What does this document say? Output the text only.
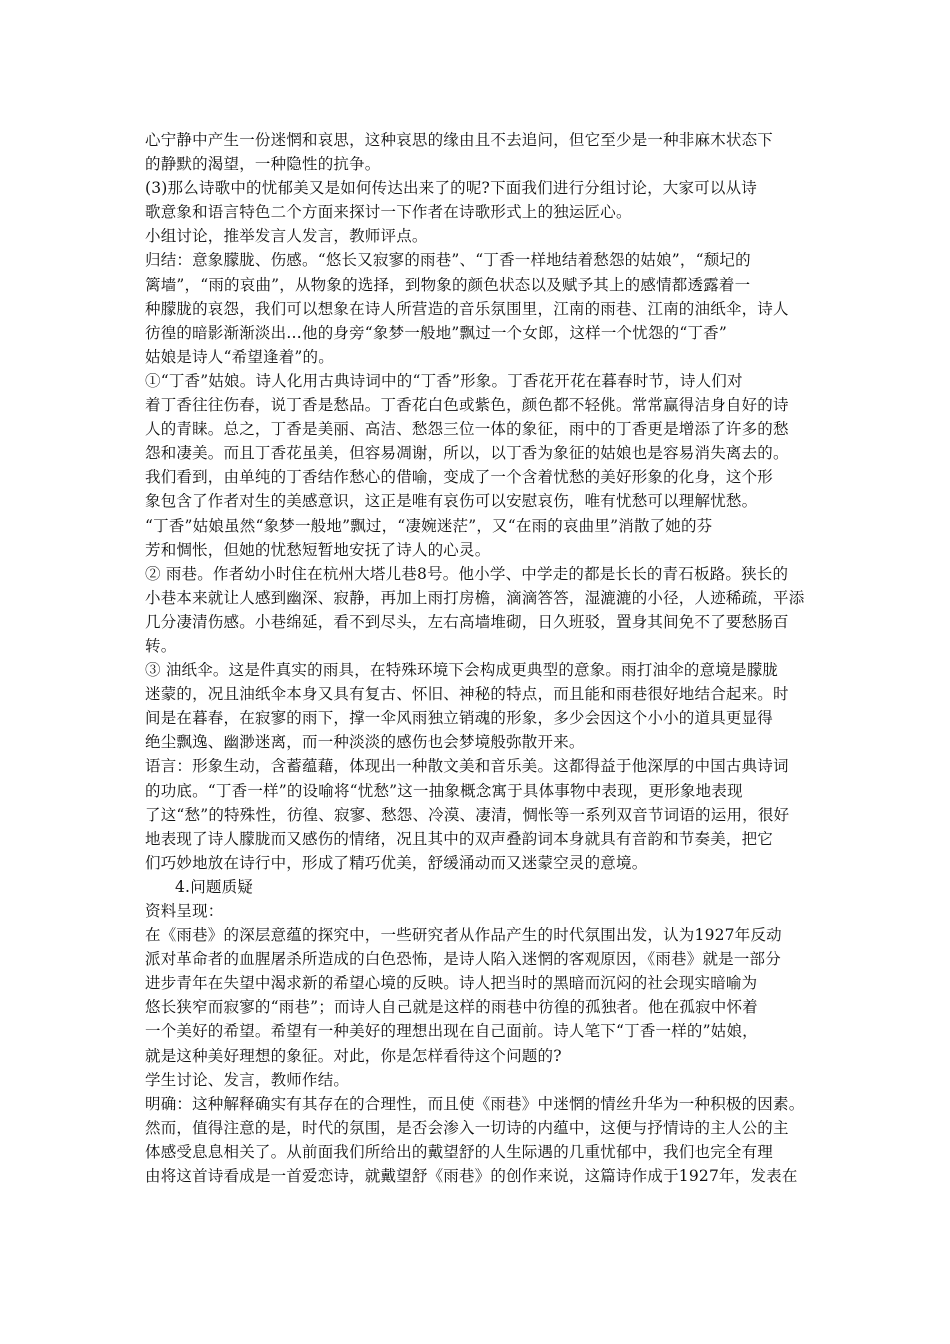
心宁静中产生一份迷惘和哀思，这种哀思的缘由且不去追问，但它至少是一种非麻木状态下
的静默的渴望，一种隐性的抗争。
(3)那么诗歌中的忧郁美又是如何传达出来了的呢?下面我们进行分组讨论，大家可以从诗
歌意象和语言特色二个方面来探讨一下作者在诗歌形式上的独运匠心。
小组讨论，推举发言人发言，教师评点。
归结：意象朦胧、伤感。“悠长又寂寥的雨巷”、“丁香一样地结着愁怨的姑娘”，“颓圮的
篱墙”，“雨的哀曲”，从物象的选择，到物象的颜色状态以及赋予其上的感情都透露着一
种朦胧的哀怨，我们可以想象在诗人所营造的音乐氛围里，江南的雨巷、江南的油纸伞，诗人
彷徨的暗影渐渐淡出…他的身旁“象梦一般地”飘过一个女郎，这样一个忧怨的“丁香”
姑娘是诗人“希望逢着”的。
①“丁香”姑娘。诗人化用古典诗词中的“丁香”形象。丁香花开花在暮春时节，诗人们对
着丁香往往伤春，说丁香是愁品。丁香花白色或紫色，颜色都不轻佻。常常赢得洁身自好的诗
人的青睐。总之，丁香是美丽、高洁、愁怨三位一体的象征，雨中的丁香更是增添了许多的愁
怨和凄美。而且丁香花虽美，但容易凋谢，所以，以丁香为象征的姑娘也是容易消失离去的。
我们看到，由单纯的丁香结作愁心的借喻，变成了一个含着忧愁的美好形象的化身，这个形
象包含了作者对生的美感意识，这正是唯有哀伤可以安慰哀伤，唯有忧愁可以理解忧愁。
“丁香”姑娘虽然“象梦一般地”飘过，“凄婉迷茫”，又“在雨的哀曲里”消散了她的芬
芳和惆怅，但她的忧愁短暂地安抚了诗人的心灵。
② 雨巷。作者幼小时住在杭州大塔儿巷8号。他小学、中学走的都是长长的青石板路。狭长的
小巷本来就让人感到幽深、寂静，再加上雨打房檐，滴滴答答，湿漉漉的小径，人迹稀疏，平添
几分凄清伤感。小巷绵延，看不到尽头，左右高墙堆砌，日久班驳，置身其间免不了要愁肠百
转。
③ 油纸伞。这是件真实的雨具，在特殊环境下会构成更典型的意象。雨打油伞的意境是朦胧
迷蒙的，况且油纸伞本身又具有复古、怀旧、神秘的特点，而且能和雨巷很好地结合起来。时
间是在暮春，在寂寥的雨下，撑一伞风雨独立销魂的形象，多少会因这个小小的道具更显得
绝尘飘逸、幽渺迷离，而一种淡淡的感伤也会梦境般弥散开来。
语言：形象生动，含蓄蕴藉，体现出一种散文美和音乐美。这都得益于他深厚的中国古典诗词
的功底。“丁香一样”的设喻将“忧愁”这一抽象概念寓于具体事物中表现，更形象地表现
了这“愁”的特殊性，彷徨、寂寥、愁怨、冷漠、凄清，惆怅等一系列双音节词语的运用，很好
地表现了诗人朦胧而又感伤的情绪，况且其中的双声叠韵词本身就具有音韵和节奏美，把它
们巧妙地放在诗行中，形成了精巧优美，舒缓涌动而又迷蒙空灵的意境。
4.问题质疑
资料呈现：
在《雨巷》的深层意蕴的探究中，一些研究者从作品产生的时代氛围出发，认为1927年反动
派对革命者的血腥屠杀所造成的白色恐怖，是诗人陷入迷惘的客观原因，《雨巷》就是一部分
进步青年在失望中渴求新的希望心境的反映。诗人把当时的黑暗而沉闷的社会现实暗喻为
悠长狭窄而寂寥的“雨巷”；而诗人自己就是这样的雨巷中彷徨的孤独者。他在孤寂中怀着
一个美好的希望。希望有一种美好的理想出现在自己面前。诗人笔下“丁香一样的”姑娘，
就是这种美好理想的象征。对此，你是怎样看待这个问题的?
学生讨论、发言，教师作结。
明确：这种解释确实有其存在的合理性，而且使《雨巷》中迷惘的情丝升华为一种积极的因素。
然而，值得注意的是，时代的氛围，是否会渗入一切诗的内蕴中，这便与抒情诗的主人公的主
体感受息息相关了。从前面我们所给出的戴望舒的人生际遇的几重忧郁中，我们也完全有理
由将这首诗看成是一首爱恋诗，就戴望舒《雨巷》的创作来说，这篇诗作成于1927年，发表在
